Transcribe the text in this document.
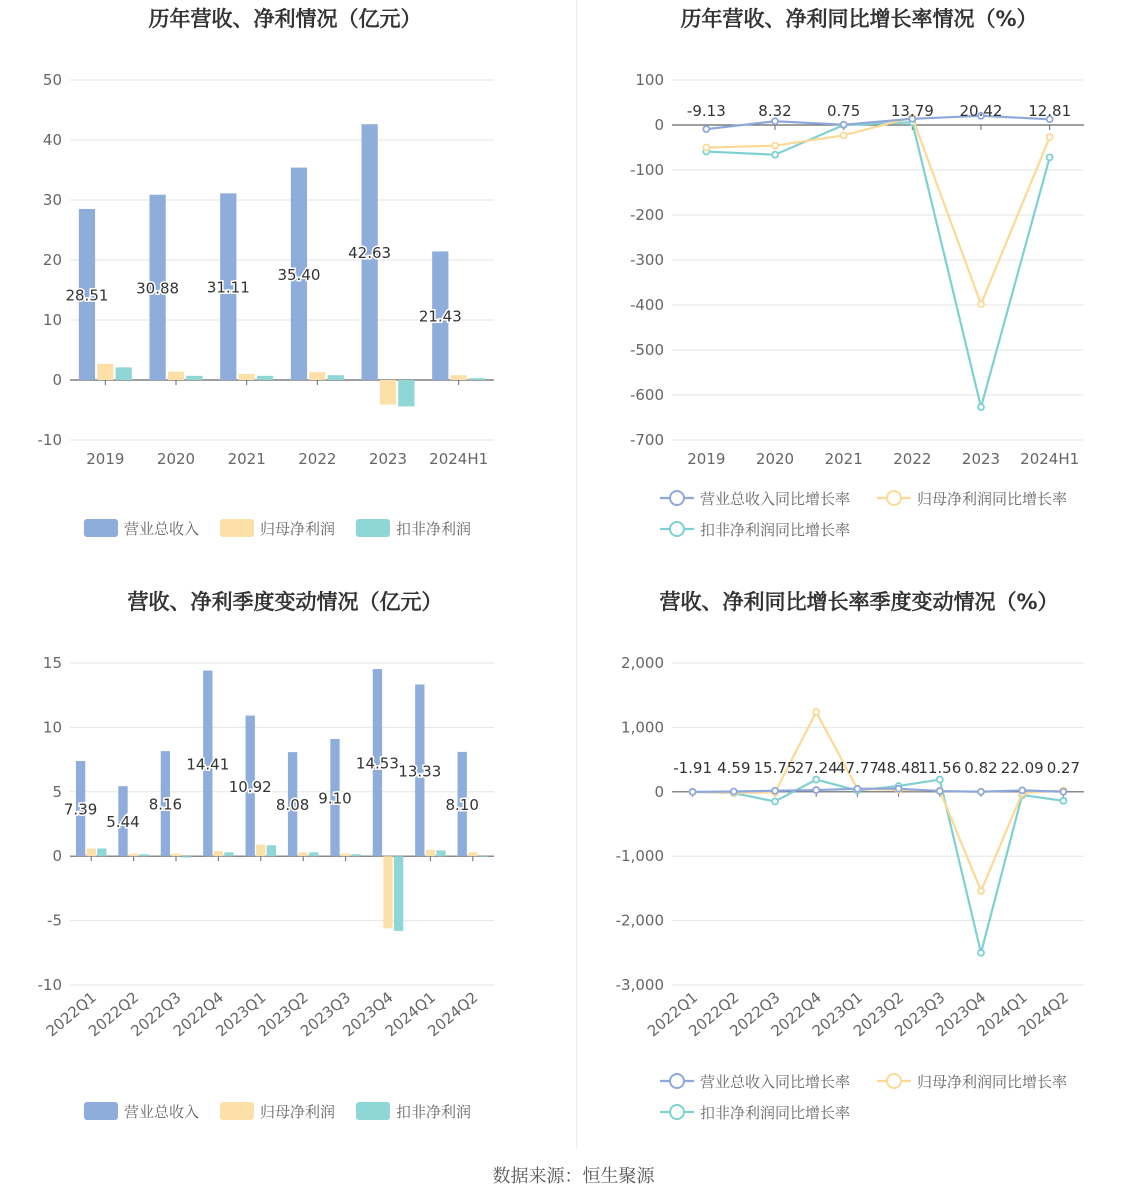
历年营收、净利情况（亿元）
-10
0
10
20
30
40
50
2019 2020 2021 2022 2023 2024H1
28.51 30.88 31.11
35.40
42.63
21.43
营业总收入	归母净利润	扣非净利润
历年营收、净利同比增长率情况（%）
-700
-600
-500
-400
-300
-200
-100
0
100
2019 2020 2021 2022 2023 2024H1
-9.13 8.32 0.75 13.79 20.42 12.81
营业总收入同比增长率	归母净利润同比增长率
扣非净利润同比增长率
营收、净利季度变动情况（亿元）
-10
-5
0
5
10
15
2022Q1
2022Q2
2022Q3
2022Q4
2023Q1
2023Q2
2023Q3
2023Q4
2024Q1
2024Q2
7.39
5.44
8.16
14.41
10.92
8.08 9.10
14.53 13.33
8.10
营业总收入	归母净利润	扣非净利润
营收、净利同比增长率季度变动情况（%）
-3,000
-2,000
-1,000
0
1,000
2,000
2022Q1
2022Q2
2022Q3
2022Q4
2023Q1
2023Q2
2023Q3
2023Q4
2024Q1
2024Q2
-1.91 4.59 15.75
27.24
47.77
48.48
11.56 0.82 22.09 0.27
营业总收入同比增长率	归母净利润同比增长率
扣非净利润同比增长率
数据来源：恒生聚源
